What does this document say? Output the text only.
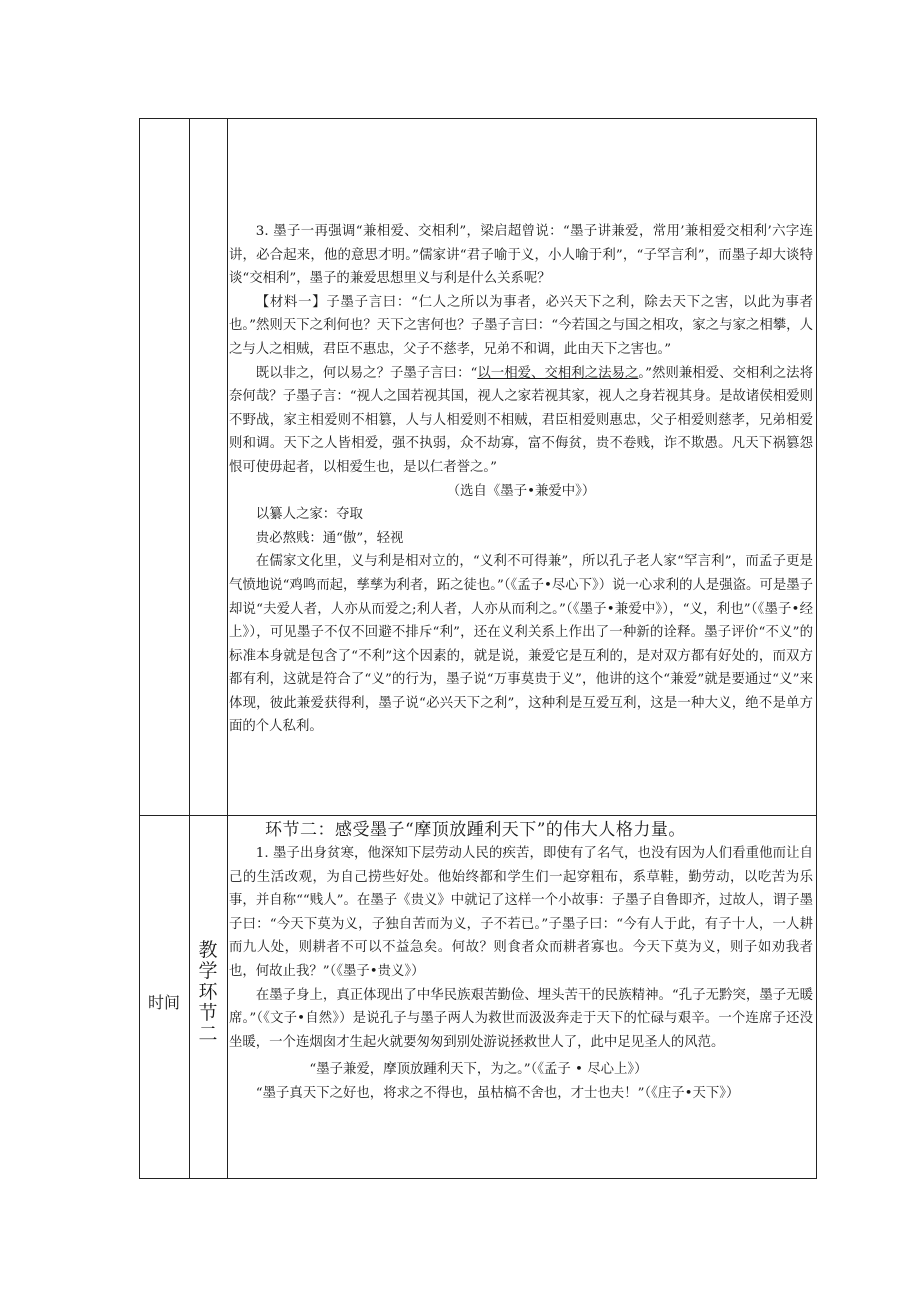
3. 墨子一再强调“兼相爱、交相利”，梁启超曾说：“墨子讲兼爱，常用’兼相爱交相利’六字连讲，必合起来，他的意思才明。”儒家讲“君子喻于义，小人喻于利”，“子罕言利”，而墨子却大谈特谈“交相利”，墨子的兼爱思想里义与利是什么关系呢？

【材料一】子墨子言曰：“仁人之所以为事者，必兴天下之利，除去天下之害，以此为事者也。”然则天下之利何也？天下之害何也？子墨子言曰：“今若国之与国之相攻，家之与家之相攀，人之与人之相贼，君臣不惠忠，父子不慈孝，兄弟不和调，此由天下之害也。”

既以非之，何以易之？子墨子言曰：“以一相爱、交相利之法易之。”然则兼相爱、交相利之法将奈何哉？子墨子言：“视人之国若视其国，视人之家若视其家，视人之身若视其身。是故诸侯相爱则不野战，家主相爱则不相篡，人与人相爱则不相贼，君臣相爱则惠忠，父子相爱则慈孝，兄弟相爱则和调。天下之人皆相爱，强不执弱，众不劫寡，富不侮贫，贵不卷贱，诈不欺愚。凡天下祸篡怨恨可使毋起者，以相爱生也，是以仁者誉之。”

（选自《墨子•兼爱中》）

以纂人之家：夺取

贵必熬贱：通“傲”，轻视

在儒家文化里，义与利是相对立的，“义利不可得兼”，所以孔子老人家“罕言利”，而孟子更是气愤地说“鸡鸣而起，孳孳为利者，跖之徒也。”（《孟子•尽心下》）说一心求利的人是强盗。可是墨子却说“夫爱人者，人亦从而爱之;利人者，人亦从而利之。”（《墨子•兼爱中》），“义，利也”（《墨子•经上》），可见墨子不仅不回避不排斥“利”，还在义利关系上作出了一种新的诠释。墨子评价“不义”的标准本身就是包含了“不利”这个因素的，就是说，兼爱它是互利的，是对双方都有好处的，而双方都有利，这就是符合了“义”的行为，墨子说“万事莫贵于义”，他讲的这个“兼爱”就是要通过“义”来体现，彼此兼爱获得利，墨子说“必兴天下之利”，这种利是互爱互利，这是一种大义，绝不是单方面的个人私利。

时间
教
学
环
节
二

环节二：感受墨子“摩顶放踵利天下”的伟大人格力量。

1. 墨子出身贫寒，他深知下层劳动人民的疾苦，即使有了名气，也没有因为人们看重他而让自己的生活改观，为自己捞些好处。他始终都和学生们一起穿粗布，系草鞋，勤劳动，以吃苦为乐事，并自称““贱人”。在墨子《贵义》中就记了这样一个小故事：子墨子自鲁即齐，过故人，谓子墨子曰：“今天下莫为义，子独自苦而为义，子不若已。”子墨子曰：“今有人于此，有子十人，一人耕而九人处，则耕者不可以不益急矣。何故？则食者众而耕者寡也。今天下莫为义，则子如劝我者也，何故止我？”（《墨子•贵义》）

在墨子身上，真正体现出了中华民族艰苦勤俭、埋头苦干的民族精神。“孔子无黔突，墨子无暖席。”（《文子•自然》）是说孔子与墨子两人为救世而汲汲奔走于天下的忙碌与艰辛。一个连席子还没坐暖，一个连烟囱才生起火就要匆匆到别处游说拯救世人了，此中足见圣人的风范。

“墨子兼爱，摩顶放踵利天下，为之。”（《孟子 • 尽心上》）

“墨子真天下之好也，将求之不得也，虽枯槁不舍也，才士也夫！”（《庄子•天下》）
